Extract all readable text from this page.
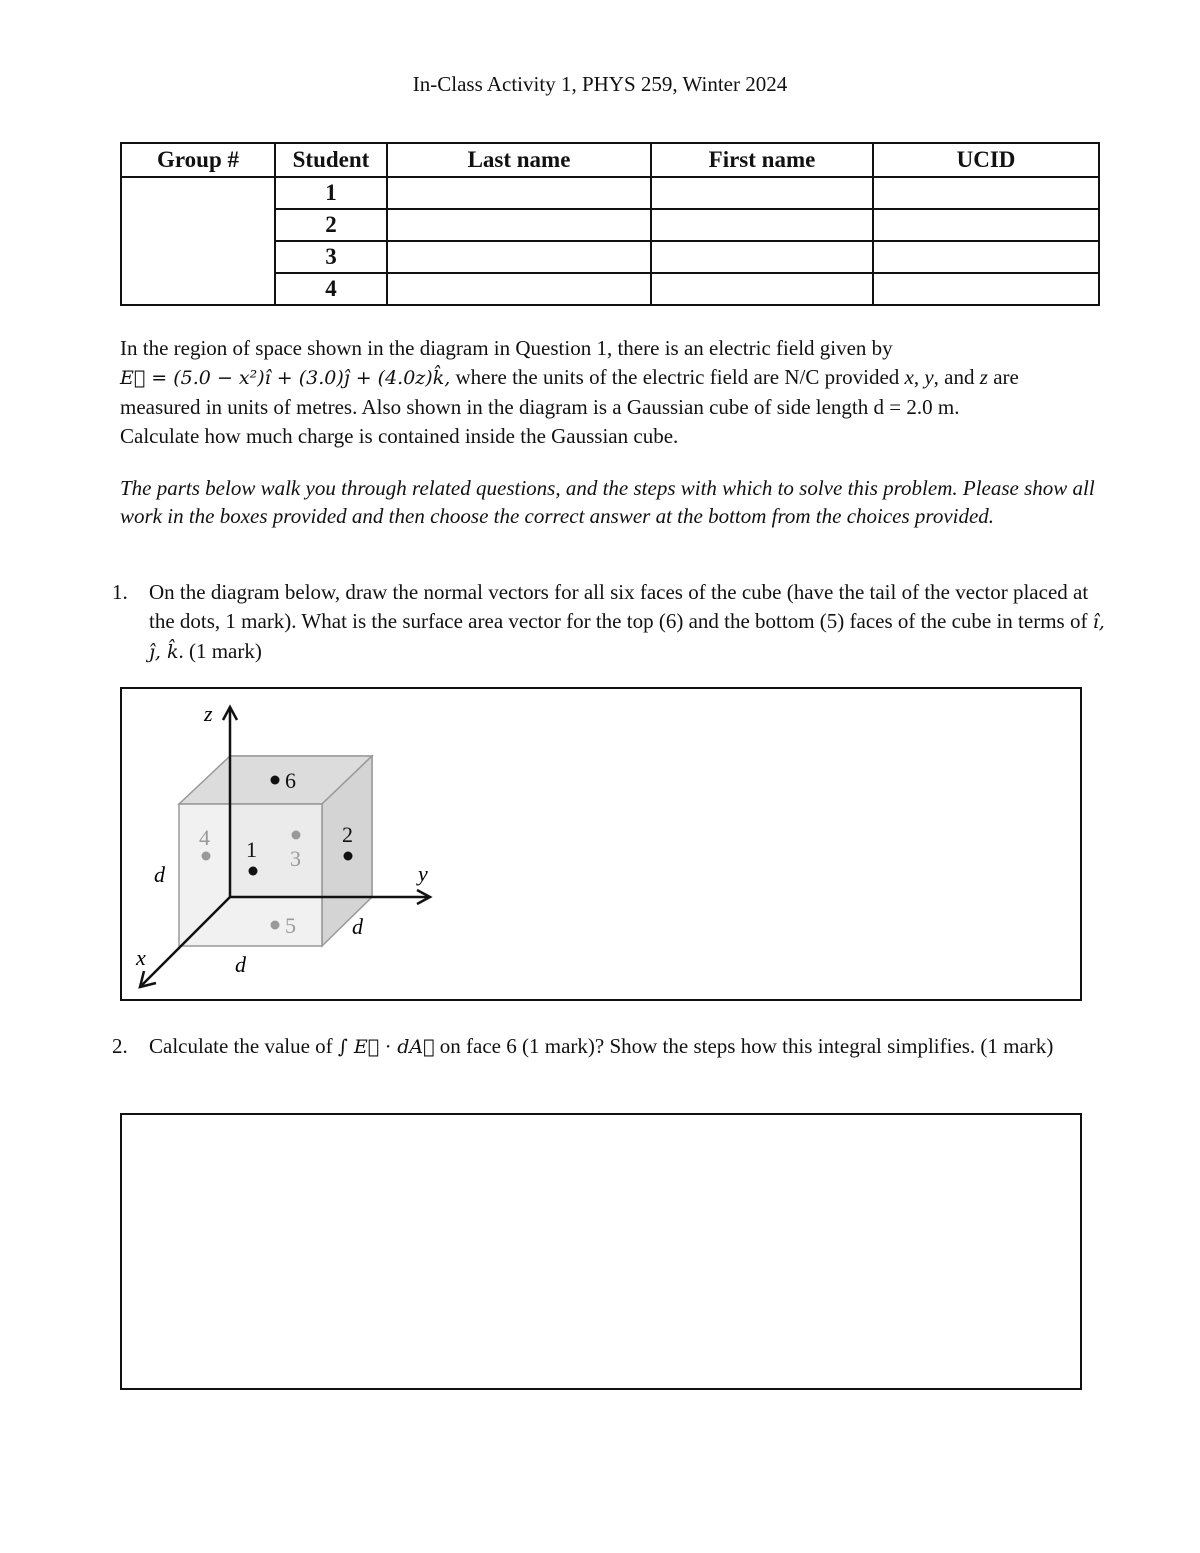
In-Class Activity 1, PHYS 259, Winter 2024
Group #	Student	Last name	First name	UCID
	1			
	2			
	3			
	4			
In the region of space shown in the diagram in Question 1, there is an electric field given by
E⃗ = (5.0 − x²)î + (3.0)ĵ + (4.0z)k̂, where the units of the electric field are N/C provided x, y, and z are
measured in units of metres. Also shown in the diagram is a Gaussian cube of side length d = 2.0 m.
Calculate how much charge is contained inside the Gaussian cube.
The parts below walk you through related questions, and the steps with which to solve this problem. Please show all work in the boxes provided and then choose the correct answer at the bottom from the choices provided.
1.	On the diagram below, draw the normal vectors for all six faces of the cube (have the tail of the vector placed at the dots, 1 mark). What is the surface area vector for the top (6) and the bottom (5) faces of the cube in terms of î, ĵ, k̂. (1 mark)
z
y
x
d
d
d
6
4 1 3
2
5
2.	Calculate the value of ∫ E⃗ · dA⃗ on face 6 (1 mark)? Show the steps how this integral simplifies. (1 mark)
